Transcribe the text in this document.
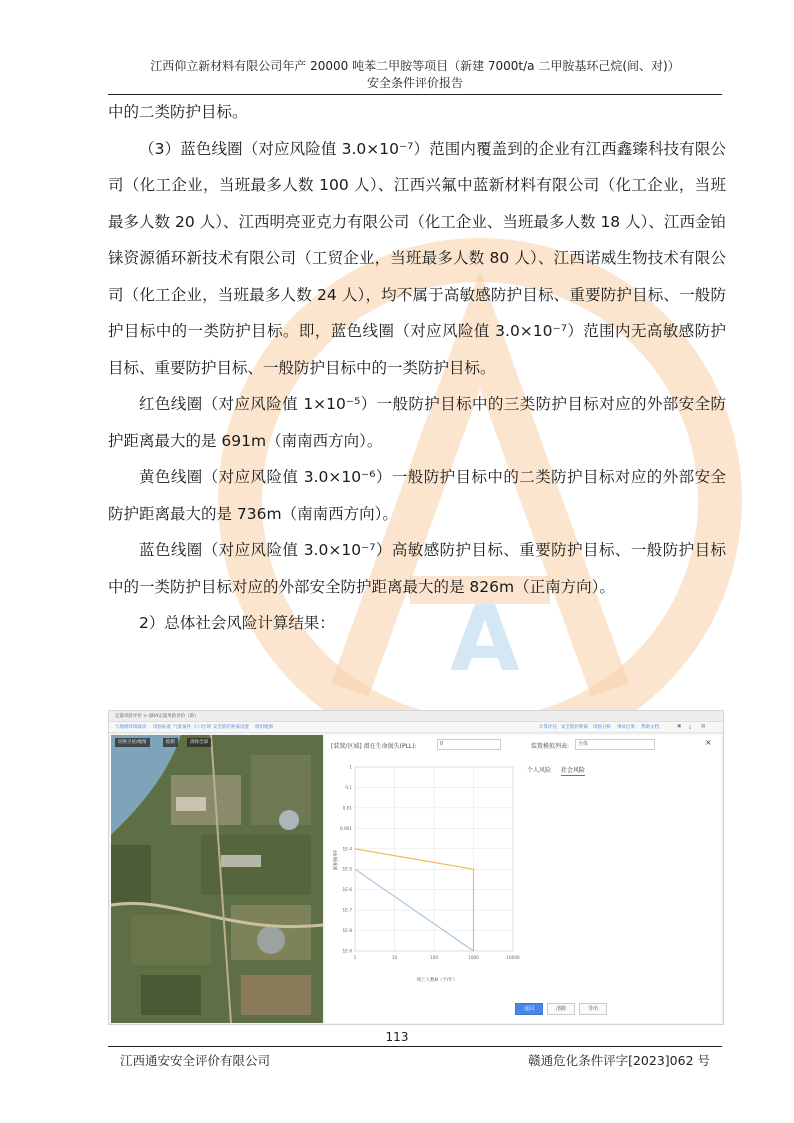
江西仰立新材料有限公司年产 20000 吨苯二甲胺等项目（新建 7000t/a 二甲胺基环己烷(间、对)）
安全条件评价报告
A

中的二类防护目标。

（3）蓝色线圈（对应风险值 3.0×10⁻⁷）范围内覆盖到的企业有江西鑫臻科技有限公司（化工企业，当班最多人数 100 人）、江西兴氟中蓝新材料有限公司（化工企业，当班最多人数 20 人）、江西明亮亚克力有限公司（化工企业、当班最多人数 18 人）、江西金铂铼资源循环新技术有限公司（工贸企业，当班最多人数 80 人）、江西诺威生物技术有限公司（化工企业，当班最多人数 24 人），均不属于高敏感防护目标、重要防护目标、一般防护目标中的一类防护目标。即，蓝色线圈（对应风险值 3.0×10⁻⁷）范围内无高敏感防护目标、重要防护目标、一般防护目标中的一类防护目标。

红色线圈（对应风险值 1×10⁻⁵）一般防护目标中的三类防护目标对应的外部安全防护距离最大的是 691m（南南西方向）。

黄色线圈（对应风险值 3.0×10⁻⁶）一般防护目标中的二类防护目标对应的外部安全防护距离最大的是 736m（南南西方向）。

蓝色线圈（对应风险值 3.0×10⁻⁷）高敏感防护目标、重要防护目标、一般防护目标中的一类防护目标对应的外部安全防护距离最大的是 826m（正南方向）。

2）总体社会风险计算结果：

定量风险评价 > QRA定量风险评价（新）
与地理环境联动 风险标准 气象条件 人口区域 安全防护距离设置 调用地图	计算评估 安全防护距离 风险分析 事故后果 帮助文档	▣ ⤓ ▤
切换卫星/地图	绘制	清除全部
[装置/区域] 潜在生命损失(PLL):	0	装置模拟列表:	全体	×
个人风险 社会风险
1	10	100	1000	10000
1
0.1
0.01
0.001
1E-4
1E-5
1E-6
1E-7
1E-8
1E-9
死亡人数N（个/年）
累积频率F
返回	清除	导出
113
江西通安安全评价有限公司	赣通危化条件评字[2023]062 号
